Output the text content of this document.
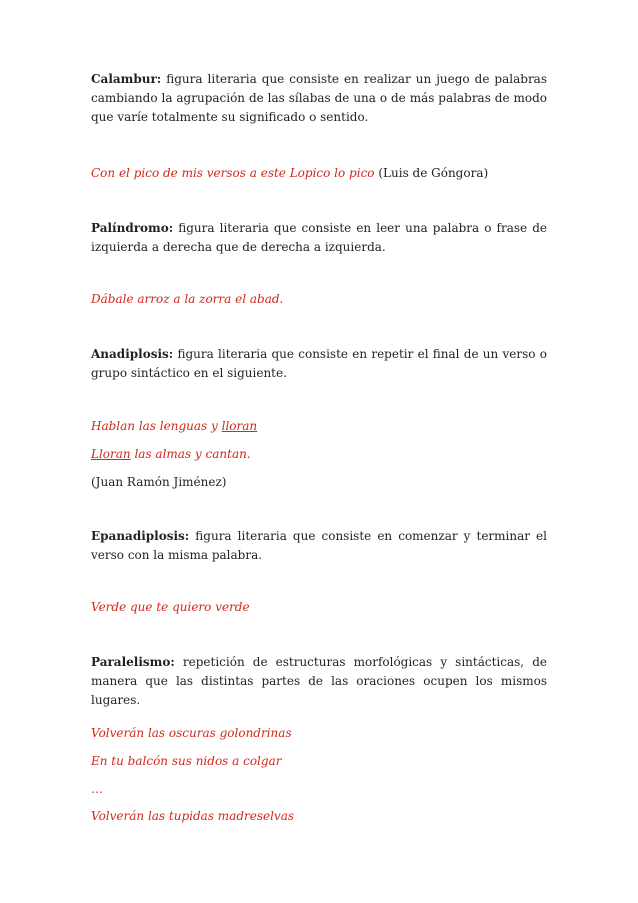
Calambur: figura literaria que consiste en realizar un juego de palabras cambiando la agrupación de las sílabas de una o de más palabras de modo que varíe totalmente su significado o sentido.

Con el pico de mis versos a este Lopico lo pico (Luis de Góngora)

Palíndromo: figura literaria que consiste en leer una palabra o frase de izquierda a derecha que de derecha a izquierda.

Dábale arroz a la zorra el abad.

Anadiplosis: figura literaria que consiste en repetir el final de un verso o grupo sintáctico en el siguiente.

Hablan las lenguas y lloran

Lloran las almas y cantan.

(Juan Ramón Jiménez)

Epanadiplosis: figura literaria que consiste en comenzar y terminar el verso con la misma palabra.

Verde que te quiero verde

Paralelismo: repetición de estructuras morfológicas y sintácticas, de manera que las distintas partes de las oraciones ocupen los mismos lugares.

Volverán las oscuras golondrinas

En tu balcón sus nidos a colgar

…

Volverán las tupidas madreselvas
